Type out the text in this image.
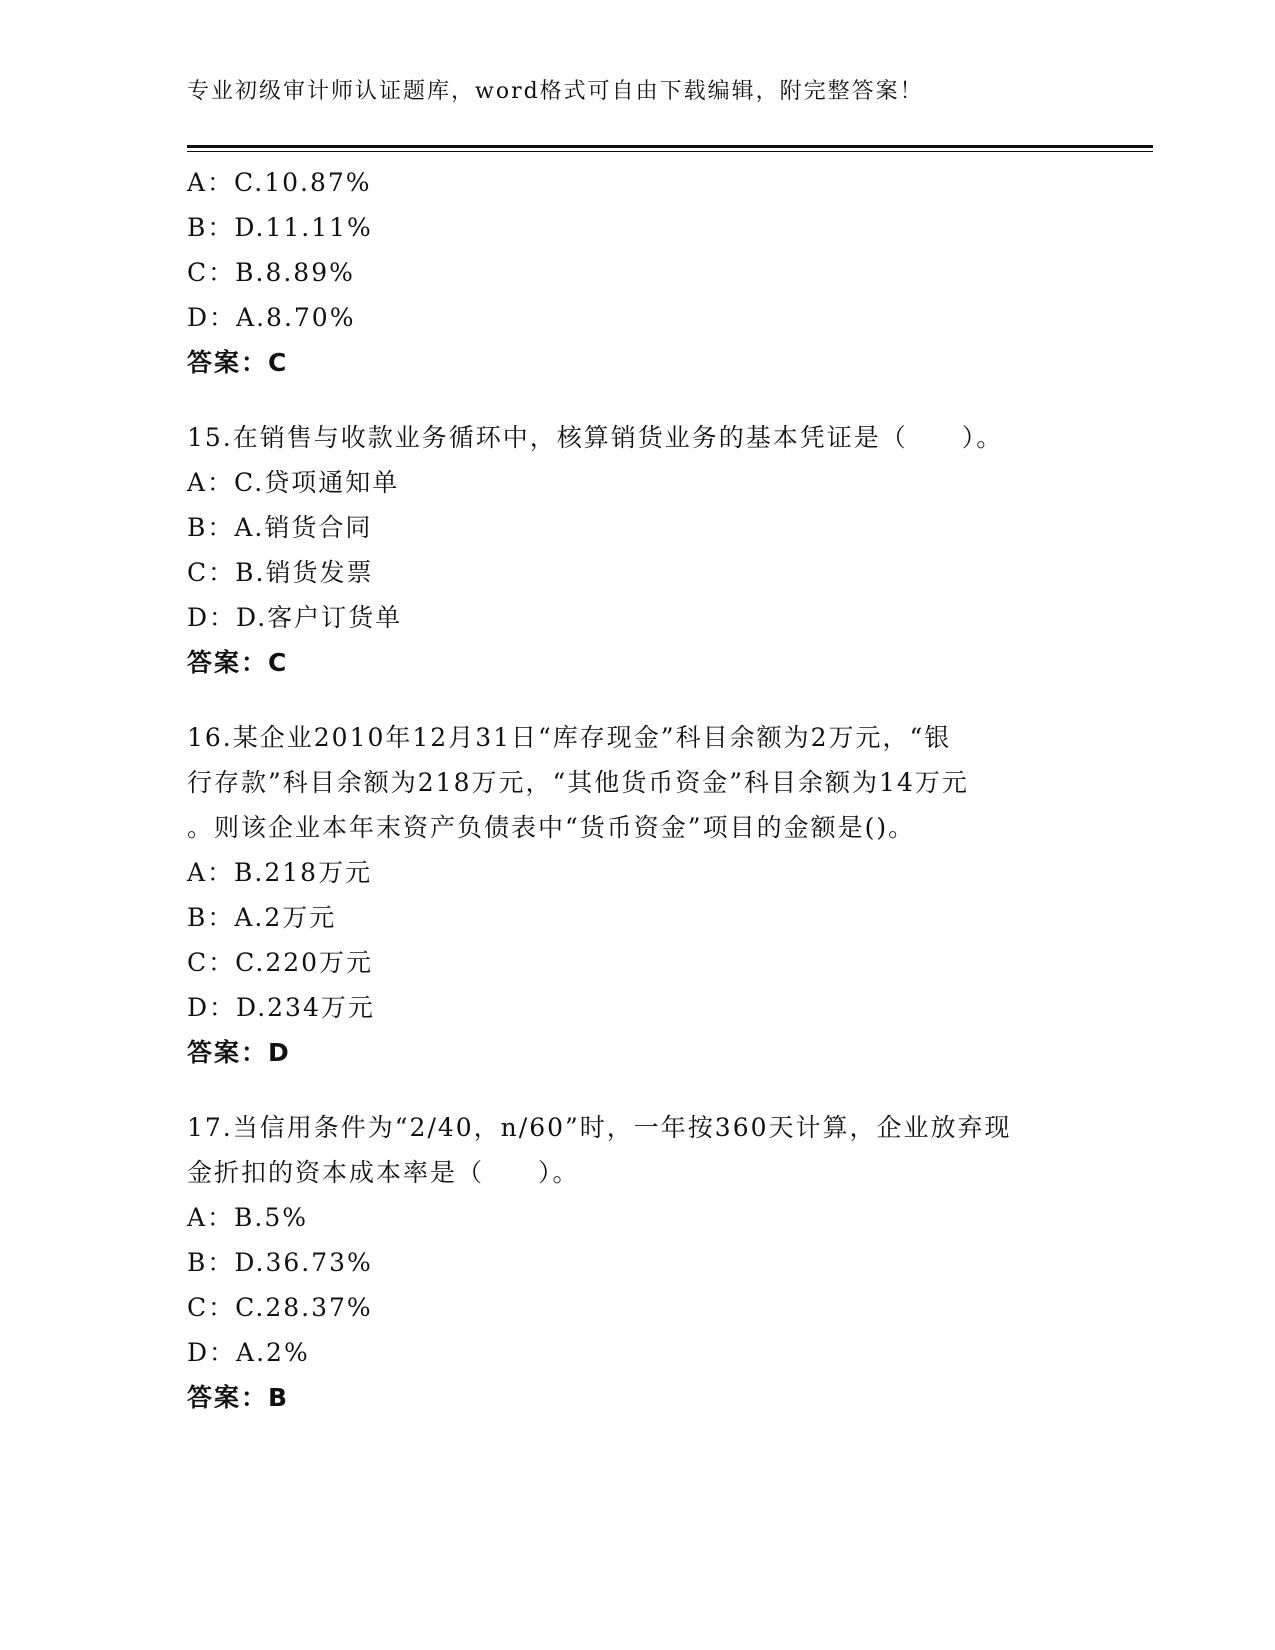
专业初级审计师认证题库，word格式可自由下载编辑，附完整答案！
A：C.10.87%
B：D.11.11%
C：B.8.89%
D：A.8.70%
答案：C
15.在销售与收款业务循环中，核算销货业务的基本凭证是（　　）。
A：C.贷项通知单
B：A.销货合同
C：B.销货发票
D：D.客户订货单
答案：C
16.某企业2010年12月31日“库存现金”科目余额为2万元，“银
行存款”科目余额为218万元，“其他货币资金”科目余额为14万元
。则该企业本年末资产负债表中“货币资金”项目的金额是()。
A：B.218万元
B：A.2万元
C：C.220万元
D：D.234万元
答案：D
17.当信用条件为“2/40，n/60”时，一年按360天计算，企业放弃现
金折扣的资本成本率是（　　）。
A：B.5%
B：D.36.73%
C：C.28.37%
D：A.2%
答案：B
